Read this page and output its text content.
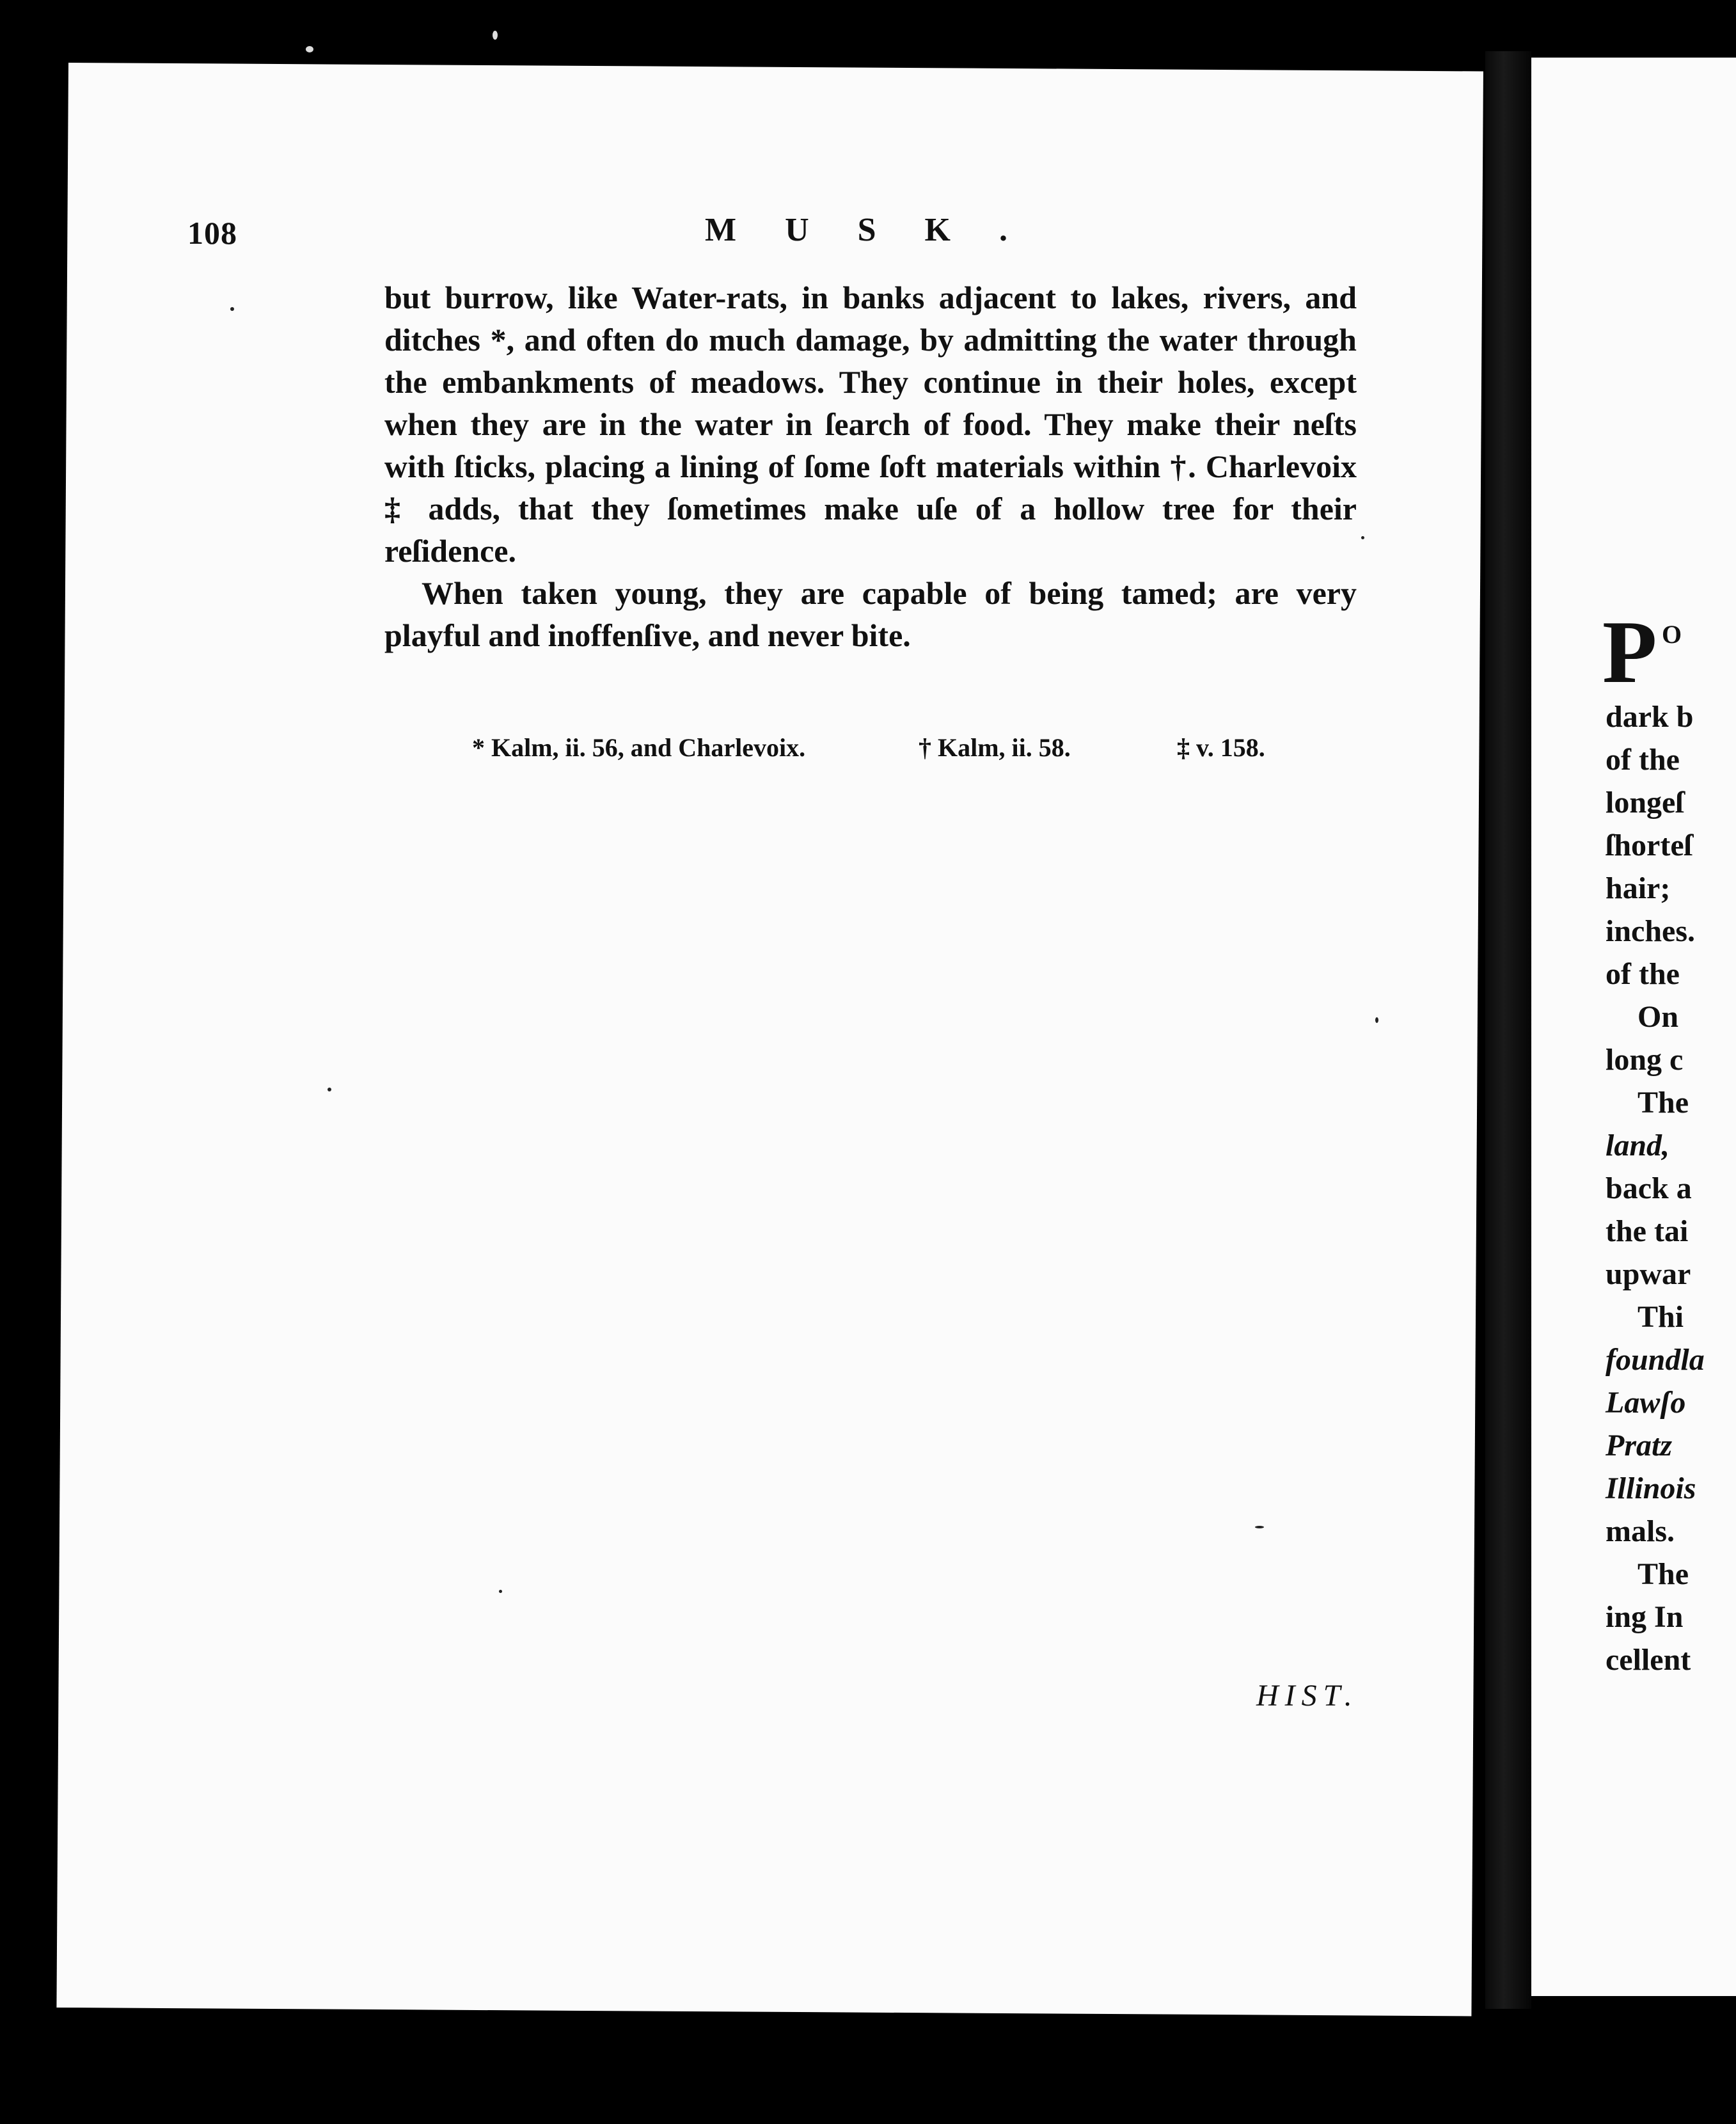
108	MUSK.

but burrow, like Water-rats, in banks adjacent to lakes, rivers, and ditches *, and often do much damage, by admitting the water through the embankments of meadows. They continue in their holes, except when they are in the water in ſearch of food. They make their neſts with ſticks, placing a lining of ſome ſoft materials within †. Charlevoix ‡ adds, that they ſometimes make uſe of a hollow tree for their reſidence.

When taken young, they are capable of being tamed; are very playful and inoffenſive, and never bite.

* Kalm, ii. 56, and Charlevoix.	† Kalm, ii. 58.	‡ v. 158.
HIST.
P O
dark b
of the
longeſ
ſhorteſ
hair;
inches.
of the
On
long c
The
land,
back a
the tai
upwar
Thi
foundla
Lawſo
Pratz
Illinois
mals.
The
ing In
cellent
